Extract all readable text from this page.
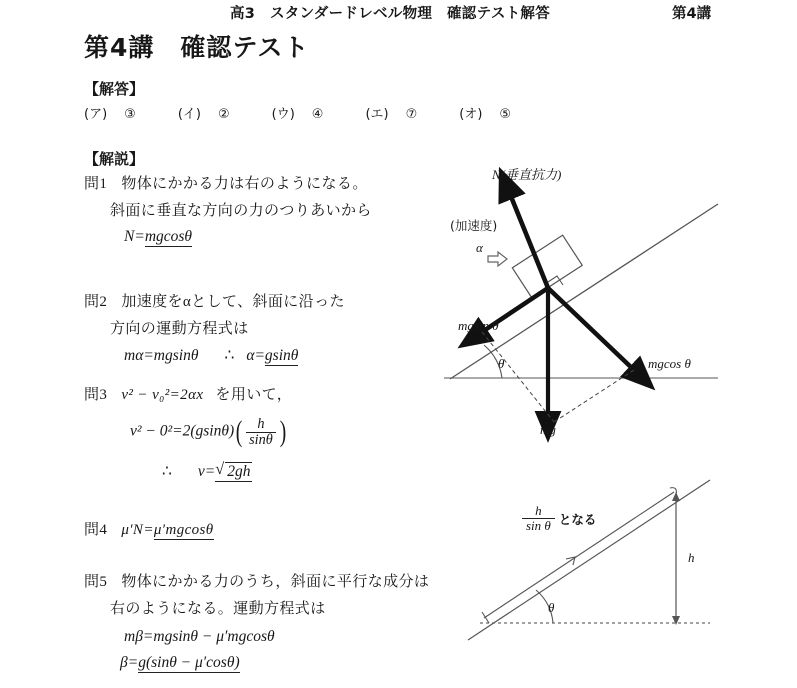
高3　スタンダードレベル物理　確認テスト解答	第4講
第4講　確認テスト
【解答】
(ア) ③	(イ) ②	(ウ) ④	(エ) ⑦	(オ) ⑤
【解説】
問1 物体にかかる力は右のようになる。
斜面に垂直な方向の力のつりあいから
N=mgcosθ
問2 加速度をαとして、斜面に沿った
方向の運動方程式は
mα=mgsinθ ∴ α=gsinθ
問3 v² − v₀²=2αx を用いて，
$v^2 - 0^2=2(gsin\theta)( \frac{h}{\sin\theta}$ )
∴ v= √ 2gh
問4 μ′N=μ′mgcosθ
問5 物体にかかる力のうち，斜面に平行な成分は
右のようになる。運動方程式は
mβ=mgsinθ − μ′mgcosθ
β=g(sinθ − μ′cosθ)
N(垂直抗力)
(加速度)
α
mgsin θ
mgcos θ
mg
θ
$\frac{h}{\text{sin θ}}$ となる
h
θ
